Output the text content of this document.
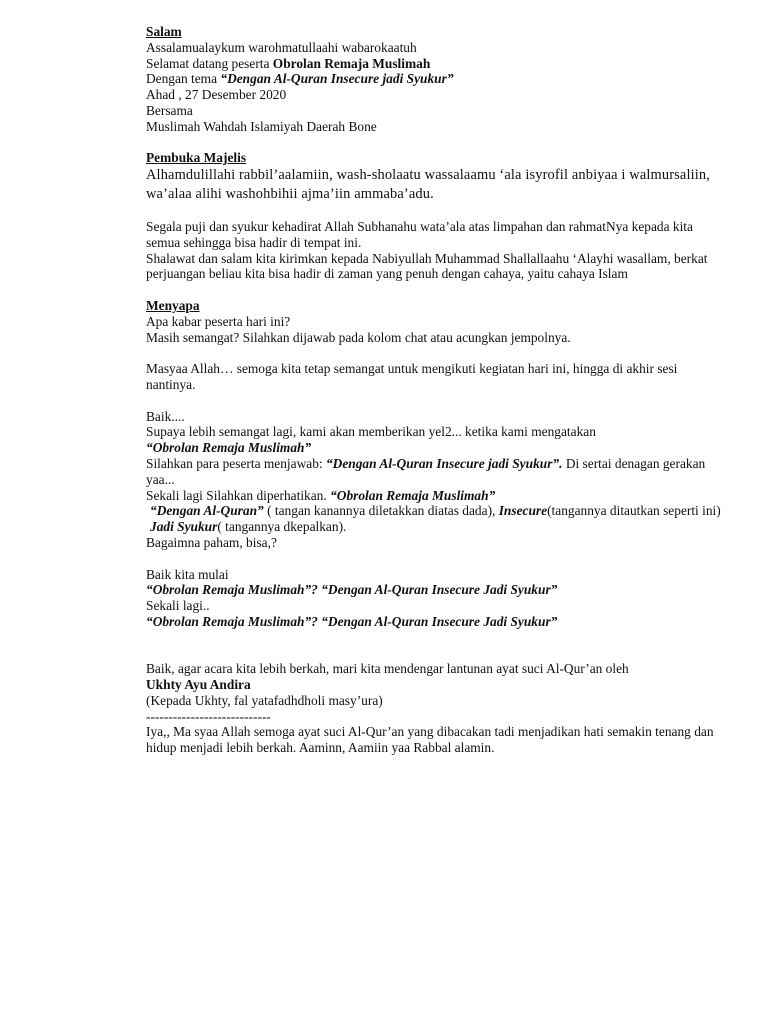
Salam
Assalamualaykum warohmatullaahi wabarokaatuh
Selamat datang peserta Obrolan Remaja Muslimah
Dengan tema “Dengan Al-Quran Insecure jadi Syukur”
Ahad , 27 Desember 2020
Bersama
Muslimah Wahdah Islamiyah Daerah Bone
Pembuka Majelis
Alhamdulillahi rabbil’aalamiin, wash-sholaatu wassalaamu ‘ala isyrofil anbiyaa i walmursaliin, wa’alaa alihi washohbihii ajma’iin ammaba’adu.
Segala puji dan syukur kehadirat Allah Subhanahu wata’ala atas limpahan dan rahmatNya kepada kita semua sehingga bisa hadir di tempat ini.
Shalawat dan salam kita kirimkan kepada Nabiyullah Muhammad Shallallaahu ‘Alayhi wasallam, berkat perjuangan beliau kita bisa hadir di zaman yang penuh dengan cahaya, yaitu cahaya Islam
Menyapa
Apa kabar peserta hari ini?
Masih semangat? Silahkan dijawab pada kolom chat atau acungkan jempolnya.
Masyaa Allah… semoga kita tetap semangat untuk mengikuti kegiatan hari ini, hingga di akhir sesi nantinya.
Baik....
Supaya lebih semangat lagi, kami akan memberikan yel2... ketika kami mengatakan
“Obrolan Remaja Muslimah”
Silahkan para peserta menjawab: “Dengan Al-Quran Insecure jadi Syukur”. Di sertai denagan gerakan yaa...
Sekali lagi Silahkan diperhatikan. “Obrolan Remaja Muslimah”
“Dengan Al-Quran” ( tangan kanannya diletakkan diatas dada), Insecure(tangannya ditautkan seperti ini) Jadi Syukur( tangannya dkepalkan).
Bagaimna paham, bisa,?
Baik kita mulai
“Obrolan Remaja Muslimah”? “Dengan Al-Quran Insecure Jadi Syukur”
Sekali lagi..
“Obrolan Remaja Muslimah”? “Dengan Al-Quran Insecure Jadi Syukur”
Baik, agar acara kita lebih berkah, mari kita mendengar lantunan ayat suci Al-Qur’an oleh
Ukhty Ayu Andira
(Kepada Ukhty, fal yatafadhdholi masy’ura)
----------------------------
Iya,, Ma syaa Allah semoga ayat suci Al-Qur’an yang dibacakan tadi menjadikan hati semakin tenang dan hidup menjadi lebih berkah. Aaminn, Aamiin yaa Rabbal alamin.
